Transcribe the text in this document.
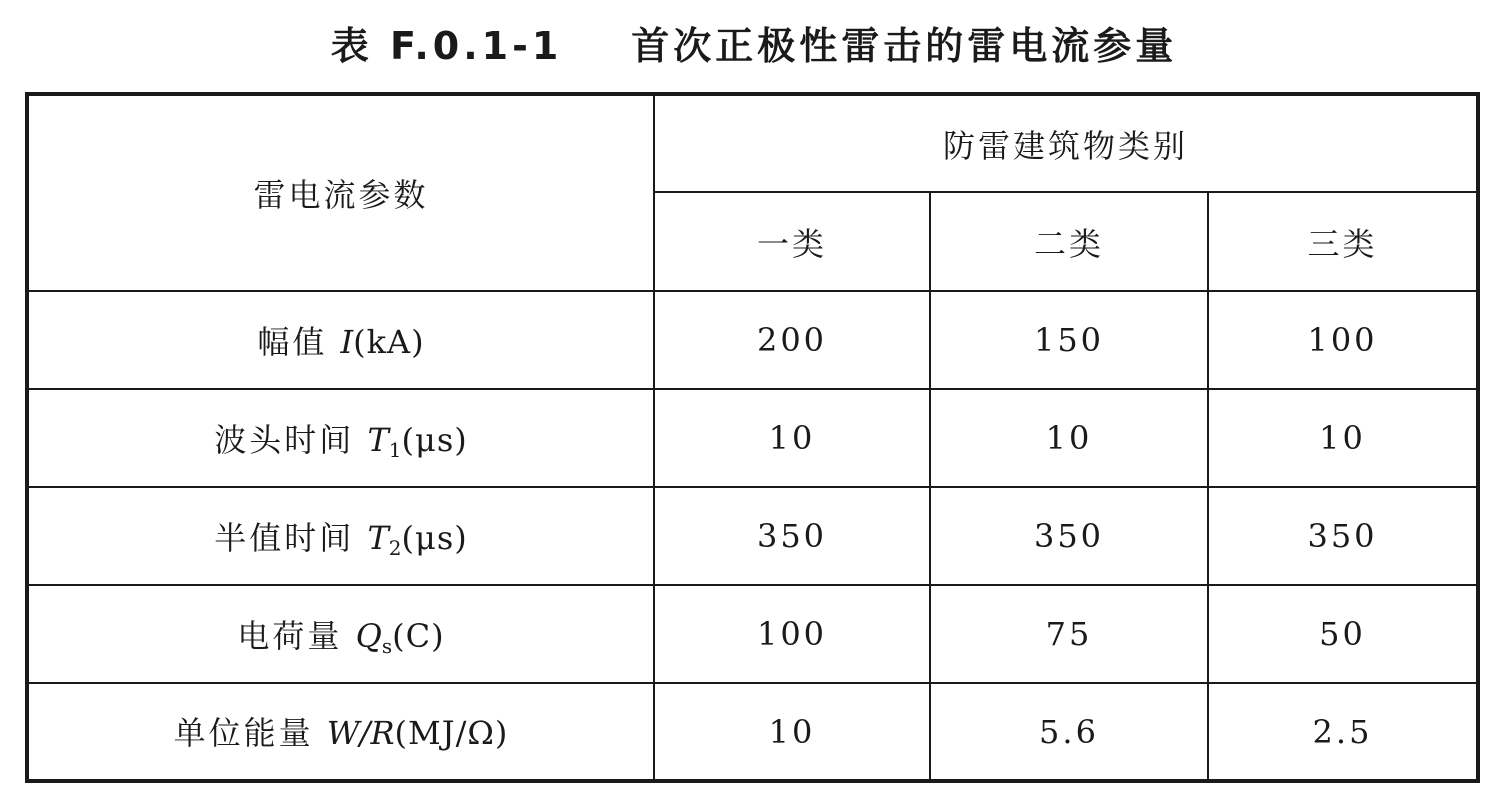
表 F.0.1-1    首次正极性雷击的雷电流参量
雷电流参数	防雷建筑物类别		
	一类	二类	三类
幅值 I(kA)	200	150	100
波头时间 $T_1(\mu s)$	10	10	10
半值时间 $T_2(\mu s)$	350	350	350
电荷量 $Q_s(C)$	100	75	50
单位能量 W/R(MJ/Ω)	10	5.6	2.5
